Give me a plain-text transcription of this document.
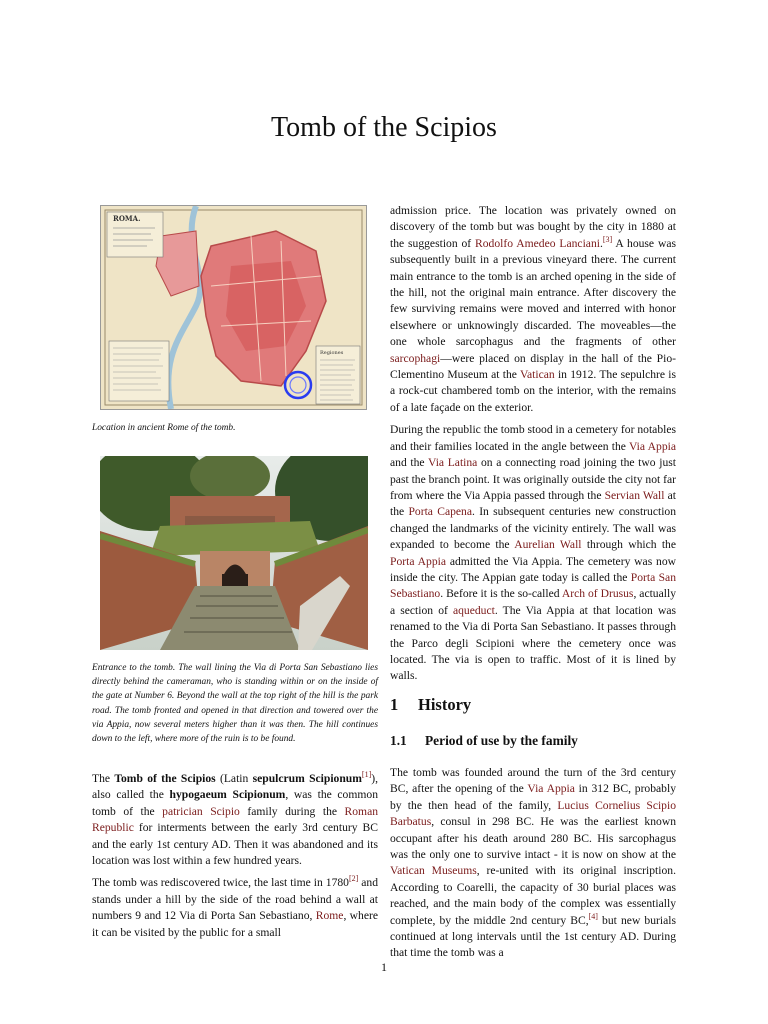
Tomb of the Scipios
ROMA.
Regiones

Location in ancient Rome of the tomb.

Entrance to the tomb. The wall lining the Via di Porta San Sebastiano lies directly behind the cameraman, who is standing within or on the inside of the gate at Number 6. Beyond the wall at the top right of the hill is the park road. The tomb fronted and opened in that direction and towered over the via Appia, now several meters higher than it was then. The hill continues down to the left, where more of the ruin is to be found.

The Tomb of the Scipios (Latin sepulcrum Scipionum[1]), also called the hypogaeum Scipionum, was the common tomb of the patrician Scipio family during the Roman Republic for interments between the early 3rd century BC and the early 1st century AD. Then it was abandoned and its location was lost within a few hundred years.

The tomb was rediscovered twice, the last time in 1780[2] and stands under a hill by the side of the road behind a wall at numbers 9 and 12 Via di Porta San Sebastiano, Rome, where it can be visited by the public for a small

admission price. The location was privately owned on discovery of the tomb but was bought by the city in 1880 at the suggestion of Rodolfo Amedeo Lanciani.[3] A house was subsequently built in a previous vineyard there. The current main entrance to the tomb is an arched opening in the side of the hill, not the original main entrance. After discovery the few surviving remains were moved and interred with honor elsewhere or unknowingly discarded. The moveables—the one whole sarcophagus and the fragments of other sarcophagi—were placed on display in the hall of the Pio-Clementino Museum at the Vatican in 1912. The sepulchre is a rock-cut chambered tomb on the interior, with the remains of a late façade on the exterior.

During the republic the tomb stood in a cemetery for notables and their families located in the angle between the Via Appia and the Via Latina on a connecting road joining the two just past the branch point. It was originally outside the city not far from where the Via Appia passed through the Servian Wall at the Porta Capena. In subsequent centuries new construction changed the landmarks of the vicinity entirely. The wall was expanded to become the Aurelian Wall through which the Porta Appia admitted the Via Appia. The cemetery was now inside the city. The Appian gate today is called the Porta San Sebastiano. Before it is the so-called Arch of Drusus, actually a section of aqueduct. The Via Appia at that location was renamed to the Via di Porta San Sebastiano. It passes through the Parco degli Scipioni where the cemetery once was located. The via is open to traffic. Most of it is lined by walls.

1 History
1.1 Period of use by the family

The tomb was founded around the turn of the 3rd century BC, after the opening of the Via Appia in 312 BC, probably by the then head of the family, Lucius Cornelius Scipio Barbatus, consul in 298 BC. He was the earliest known occupant after his death around 280 BC. His sarcophagus was the only one to survive intact - it is now on show at the Vatican Museums, re-united with its original inscription. According to Coarelli, the capacity of 30 burial places was reached, and the main body of the complex was essentially complete, by the middle 2nd century BC,[4] but new burials continued at long intervals until the 1st century AD. During that time the tomb was a

1
